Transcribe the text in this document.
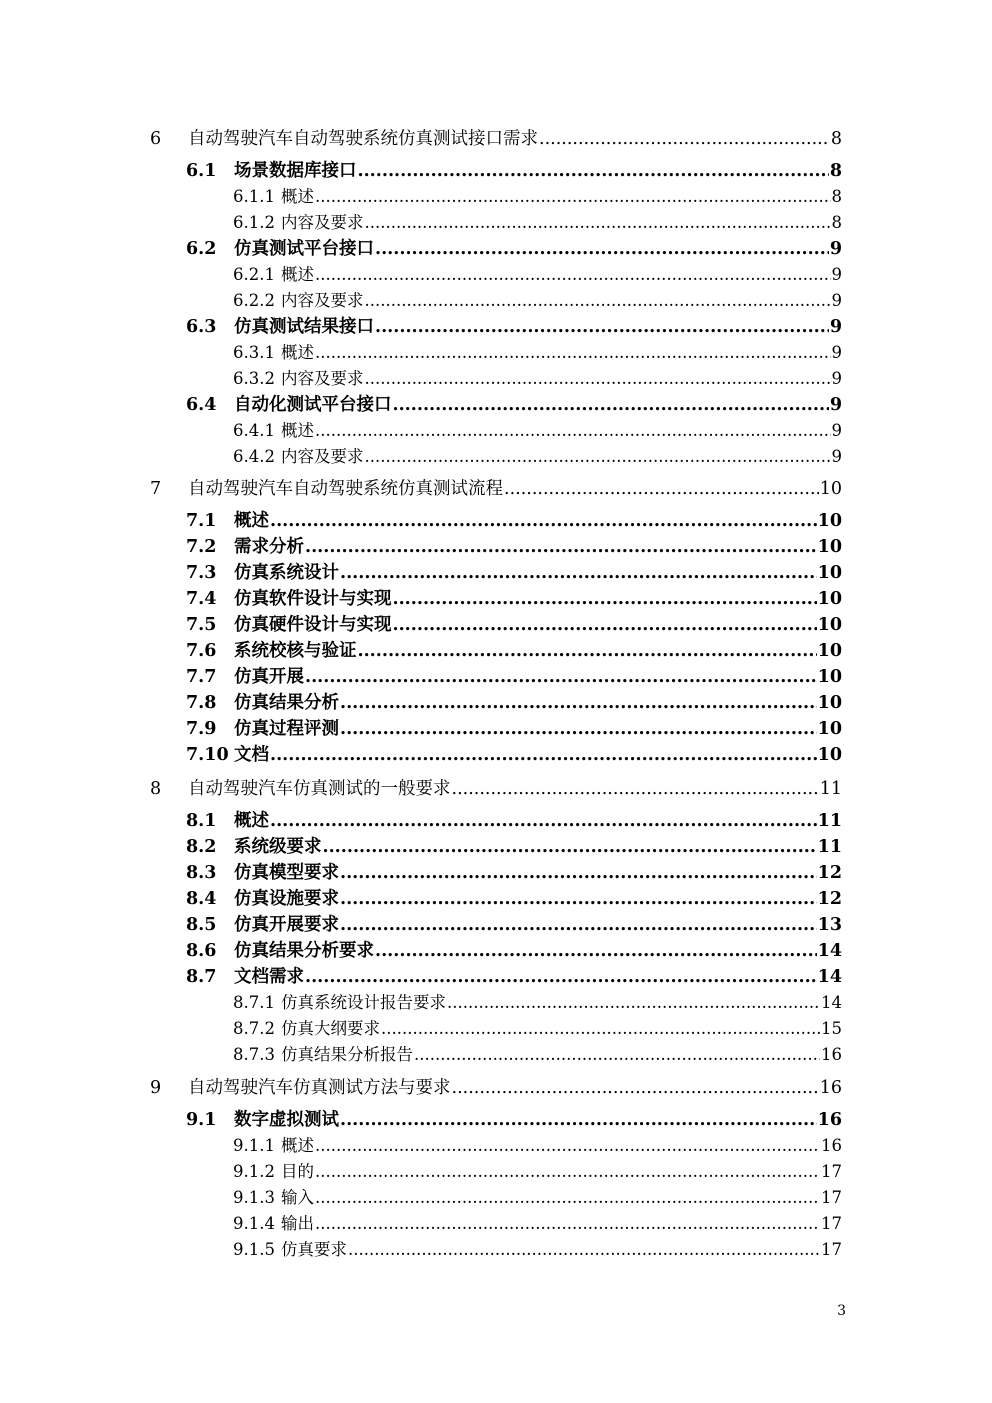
6	自动驾驶汽车自动驾驶系统仿真测试接口需求 .....	8
6.1	场景数据库接口 .....	8
6.1.1 概述 .....	8
6.1.2 内容及要求 .....	8
6.2	仿真测试平台接口 .....	9
6.2.1 概述 .....	9
6.2.2 内容及要求 .....	9
6.3	仿真测试结果接口 .....	9
6.3.1 概述 .....	9
6.3.2 内容及要求 .....	9
6.4	自动化测试平台接口 .....	9
6.4.1 概述 .....	9
6.4.2 内容及要求 .....	9
7	自动驾驶汽车自动驾驶系统仿真测试流程 .....	10
7.1	概述 .....	10
7.2	需求分析 .....	10
7.3	仿真系统设计 .....	10
7.4	仿真软件设计与实现 .....	10
7.5	仿真硬件设计与实现 .....	10
7.6	系统校核与验证 .....	10
7.7	仿真开展 .....	10
7.8	仿真结果分析 .....	10
7.9	仿真过程评测 .....	10
7.10 文档 .....	10
8	自动驾驶汽车仿真测试的一般要求 .....	11
8.1	概述 .....	11
8.2	系统级要求 .....	11
8.3	仿真模型要求 .....	12
8.4	仿真设施要求 .....	12
8.5	仿真开展要求 .....	13
8.6	仿真结果分析要求 .....	14
8.7	文档需求 .....	14
8.7.1 仿真系统设计报告要求 .....	14
8.7.2 仿真大纲要求 .....	15
8.7.3 仿真结果分析报告 .....	16
9	自动驾驶汽车仿真测试方法与要求 .....	16
9.1	数字虚拟测试 .....	16
9.1.1 概述 .....	16
9.1.2 目的 .....	17
9.1.3 输入 .....	17
9.1.4 输出 .....	17
9.1.5 仿真要求 .....	17
3
